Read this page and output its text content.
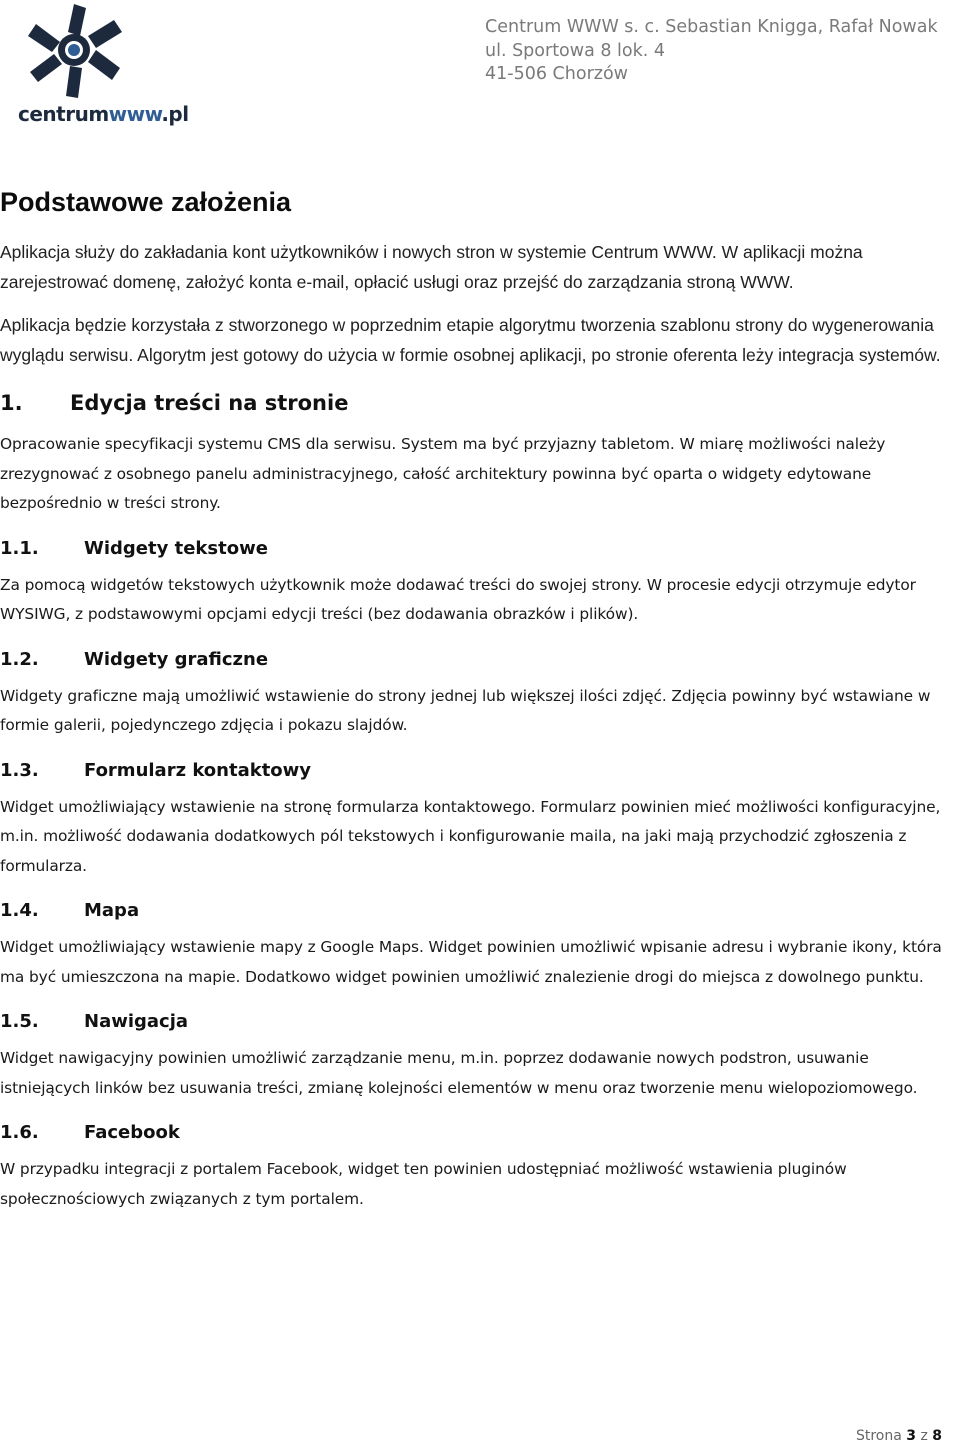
centrumwww.pl
Centrum WWW s. c. Sebastian Knigga, Rafał Nowak
ul. Sportowa 8 lok. 4
41-506 Chorzów
Podstawowe założenia

Aplikacja służy do zakładania kont użytkowników i nowych stron w systemie Centrum WWW. W aplikacji można zarejestrować domenę, założyć konta e-mail, opłacić usługi oraz przejść do zarządzania stroną WWW.

Aplikacja będzie korzystała z stworzonego w poprzednim etapie algorytmu tworzenia szablonu strony do wygenerowania wyglądu serwisu. Algorytm jest gotowy do użycia w formie osobnej aplikacji, po stronie oferenta leży integracja systemów.

1. Edycja treści na stronie

Opracowanie specyfikacji systemu CMS dla serwisu. System ma być przyjazny tabletom. W miarę możliwości należy zrezygnować z osobnego panelu administracyjnego, całość architektury powinna być oparta o widgety edytowane bezpośrednio w treści strony.

1.1.	Widgety tekstowe

Za pomocą widgetów tekstowych użytkownik może dodawać treści do swojej strony. W procesie edycji otrzymuje edytor WYSIWG, z podstawowymi opcjami edycji treści (bez dodawania obrazków i plików).

1.2.	Widgety graficzne

Widgety graficzne mają umożliwić wstawienie do strony jednej lub większej ilości zdjęć. Zdjęcia powinny być wstawiane w formie galerii, pojedynczego zdjęcia i pokazu slajdów.

1.3.	Formularz kontaktowy

Widget umożliwiający wstawienie na stronę formularza kontaktowego. Formularz powinien mieć możliwości konfiguracyjne, m.in. możliwość dodawania dodatkowych pól tekstowych i konfigurowanie maila, na jaki mają przychodzić zgłoszenia z formularza.

1.4.	Mapa

Widget umożliwiający wstawienie mapy z Google Maps. Widget powinien umożliwić wpisanie adresu i wybranie ikony, która ma być umieszczona na mapie. Dodatkowo widget powinien umożliwić znalezienie drogi do miejsca z dowolnego punktu.

1.5.	Nawigacja

Widget nawigacyjny powinien umożliwić zarządzanie menu, m.in. poprzez dodawanie nowych podstron, usuwanie istniejących linków bez usuwania treści, zmianę kolejności elementów w menu oraz tworzenie menu wielopoziomowego.

1.6.	Facebook

W przypadku integracji z portalem Facebook, widget ten powinien udostępniać możliwość wstawienia pluginów społecznościowych związanych z tym portalem.

Strona 3 z 8
